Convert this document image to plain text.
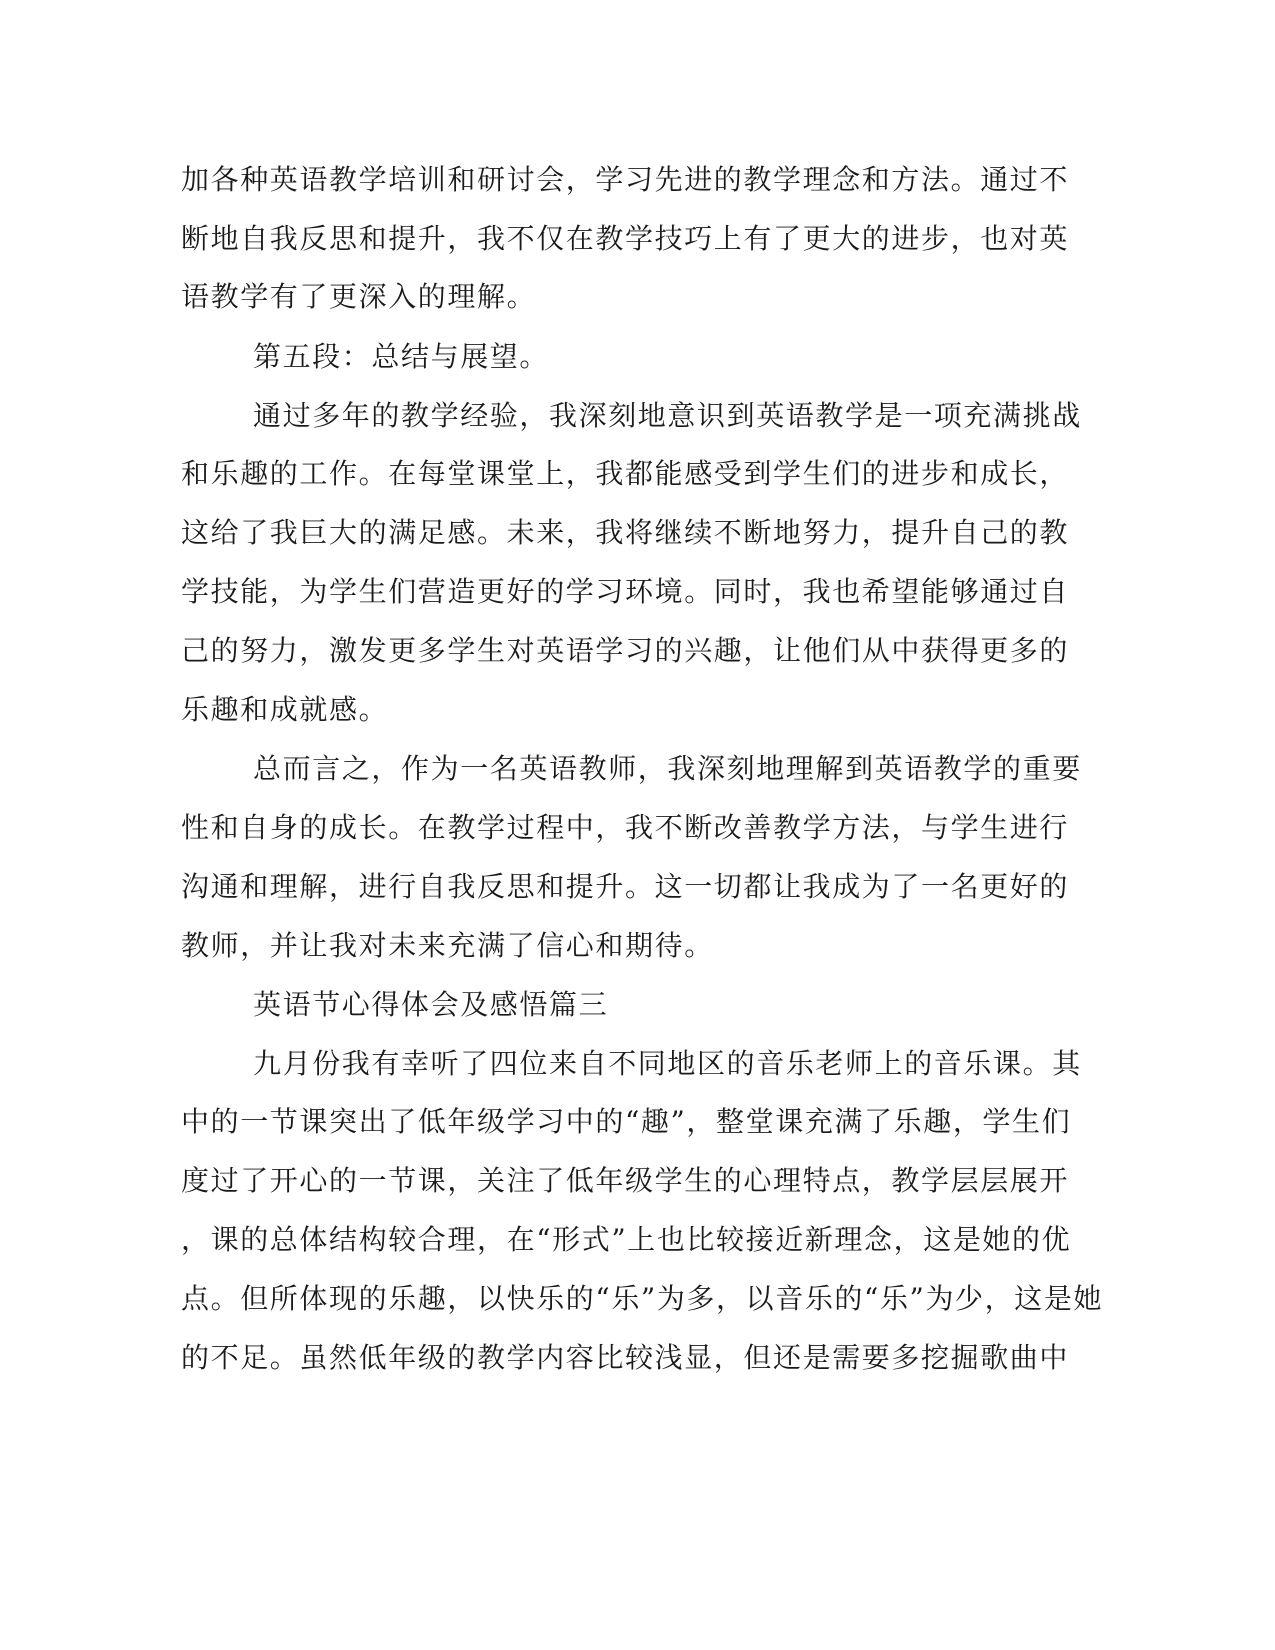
加各种英语教学培训和研讨会，学习先进的教学理念和方法。通过不
断地自我反思和提升，我不仅在教学技巧上有了更大的进步，也对英
语教学有了更深入的理解。
第五段：总结与展望。
通过多年的教学经验，我深刻地意识到英语教学是一项充满挑战
和乐趣的工作。在每堂课堂上，我都能感受到学生们的进步和成长，
这给了我巨大的满足感。未来，我将继续不断地努力，提升自己的教
学技能，为学生们营造更好的学习环境。同时，我也希望能够通过自
己的努力，激发更多学生对英语学习的兴趣，让他们从中获得更多的
乐趣和成就感。
总而言之，作为一名英语教师，我深刻地理解到英语教学的重要
性和自身的成长。在教学过程中，我不断改善教学方法，与学生进行
沟通和理解，进行自我反思和提升。这一切都让我成为了一名更好的
教师，并让我对未来充满了信心和期待。
英语节心得体会及感悟篇三
九月份我有幸听了四位来自不同地区的音乐老师上的音乐课。其
中的一节课突出了低年级学习中的“趣”，整堂课充满了乐趣，学生们
度过了开心的一节课，关注了低年级学生的心理特点，教学层层展开
，课的总体结构较合理，在“形式”上也比较接近新理念，这是她的优
点。但所体现的乐趣，以快乐的“乐”为多，以音乐的“乐”为少，这是她
的不足。虽然低年级的教学内容比较浅显，但还是需要多挖掘歌曲中
